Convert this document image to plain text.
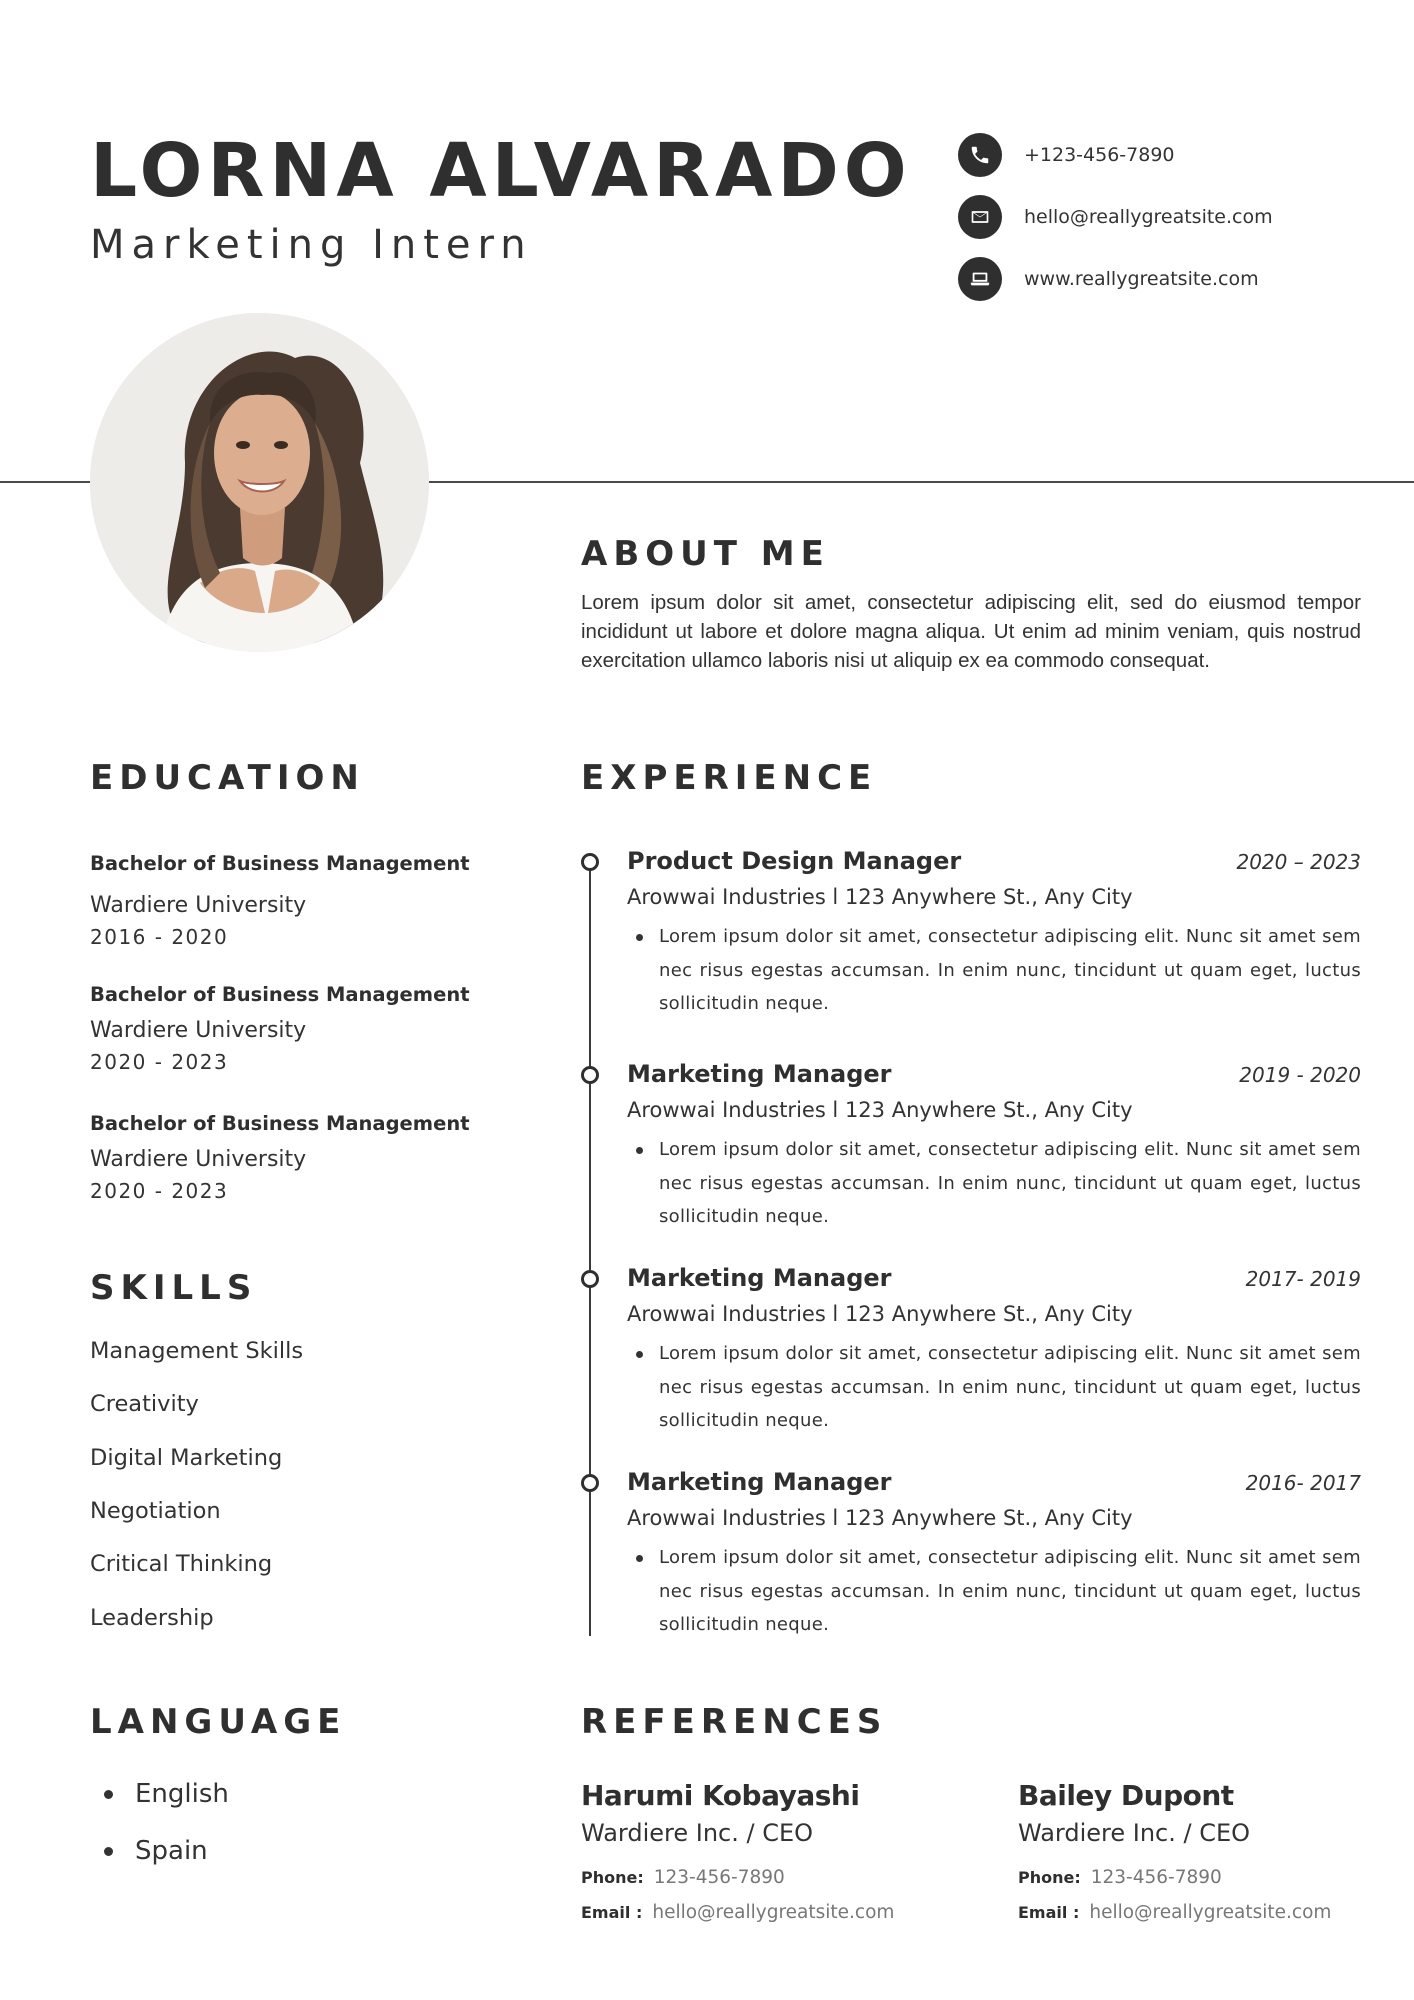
LORNA ALVARADO
Marketing Intern
+123-456-7890
hello@reallygreatsite.com
www.reallygreatsite.com
ABOUT ME
Lorem ipsum dolor sit amet, consectetur adipiscing elit, sed do eiusmod tempor incididunt ut labore et dolore magna aliqua. Ut enim ad minim veniam, quis nostrud exercitation ullamco laboris nisi ut aliquip ex ea commodo consequat.
EDUCATION
Bachelor of Business Management
Wardiere University
2016 - 2020
Bachelor of Business Management
Wardiere University
2020 - 2023
Bachelor of Business Management
Wardiere University
2020 - 2023
SKILLS
Management Skills
Creativity
Digital Marketing
Negotiation
Critical Thinking
Leadership
LANGUAGE
English
Spain
EXPERIENCE
Product Design Manager	2020 – 2023
Arowwai Industries l 123 Anywhere St., Any City
Lorem ipsum dolor sit amet, consectetur adipiscing elit. Nunc sit amet sem nec risus egestas accumsan. In enim nunc, tincidunt ut quam eget, luctus sollicitudin neque.
Marketing Manager	2019 - 2020
Arowwai Industries l 123 Anywhere St., Any City
Lorem ipsum dolor sit amet, consectetur adipiscing elit. Nunc sit amet sem nec risus egestas accumsan. In enim nunc, tincidunt ut quam eget, luctus sollicitudin neque.
Marketing Manager	2017- 2019
Arowwai Industries l 123 Anywhere St., Any City
Lorem ipsum dolor sit amet, consectetur adipiscing elit. Nunc sit amet sem nec risus egestas accumsan. In enim nunc, tincidunt ut quam eget, luctus sollicitudin neque.
Marketing Manager	2016- 2017
Arowwai Industries l 123 Anywhere St., Any City
Lorem ipsum dolor sit amet, consectetur adipiscing elit. Nunc sit amet sem nec risus egestas accumsan. In enim nunc, tincidunt ut quam eget, luctus sollicitudin neque.
REFERENCES
Harumi Kobayashi
Wardiere Inc. / CEO
Phone: 123-456-7890
Email : hello@reallygreatsite.com
Bailey Dupont
Wardiere Inc. / CEO
Phone: 123-456-7890
Email : hello@reallygreatsite.com
